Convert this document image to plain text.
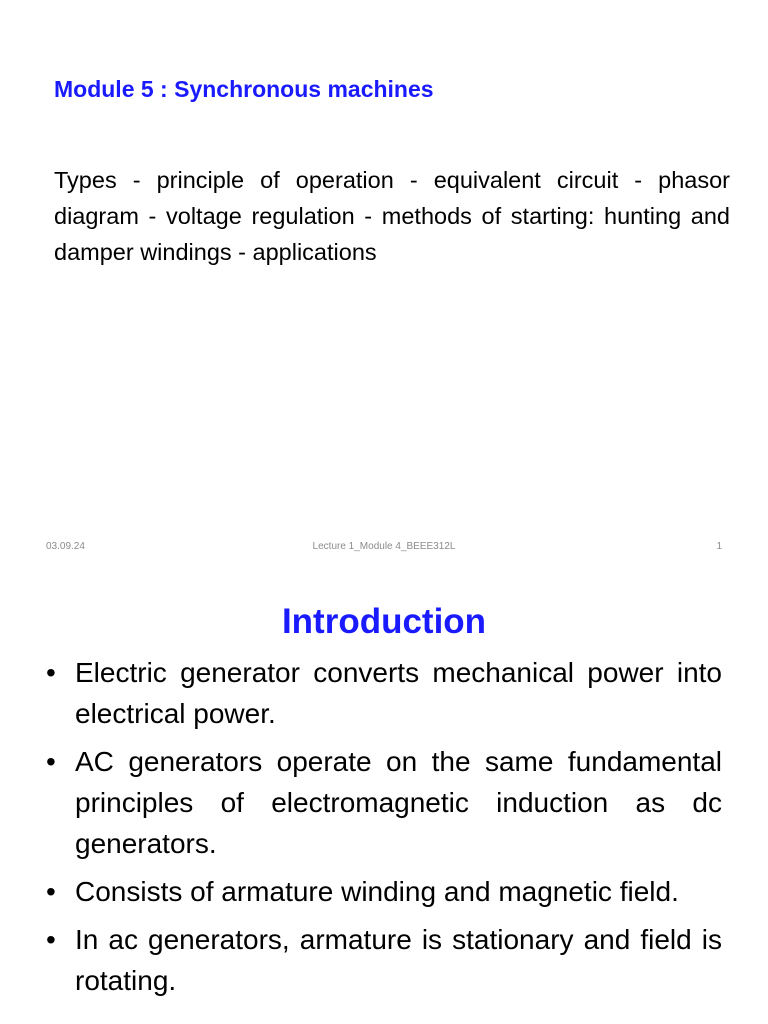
Module 5 : Synchronous machines

Types - principle of operation - equivalent circuit - phasor diagram - voltage regulation - methods of starting: hunting and damper windings - applications

03.09.24	Lecture 1_Module 4_BEEE312L	1
Introduction
• Electric generator converts mechanical power into electrical power.
• AC generators operate on the same fundamental principles of electromagnetic induction as dc generators.
• Consists of armature winding and magnetic field.
• In ac generators, armature is stationary and field is rotating.
